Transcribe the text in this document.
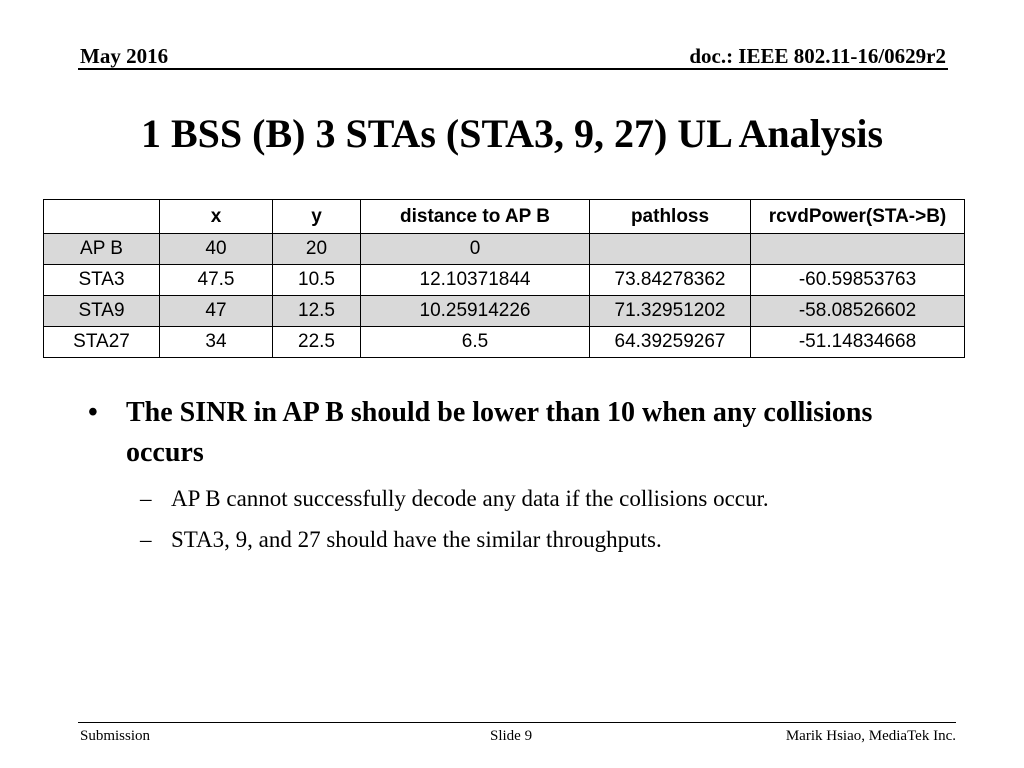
May 2016	doc.: IEEE 802.11-16/0629r2
1 BSS (B) 3 STAs (STA3, 9, 27) UL Analysis
	x	y	distance to AP B	pathloss	rcvdPower(STA->B)
AP B	40	20	0		
STA3	47.5	10.5	12.10371844	73.84278362	-60.59853763
STA9	47	12.5	10.25914226	71.32951202	-58.08526602
STA27	34	22.5	6.5	64.39259267	-51.14834668
• The SINR in AP B should be lower than 10 when any collisions occurs
– AP B cannot successfully decode any data if the collisions occur.
– STA3, 9, and 27 should have the similar throughputs.
Submission	Slide 9	Marik Hsiao, MediaTek Inc.
